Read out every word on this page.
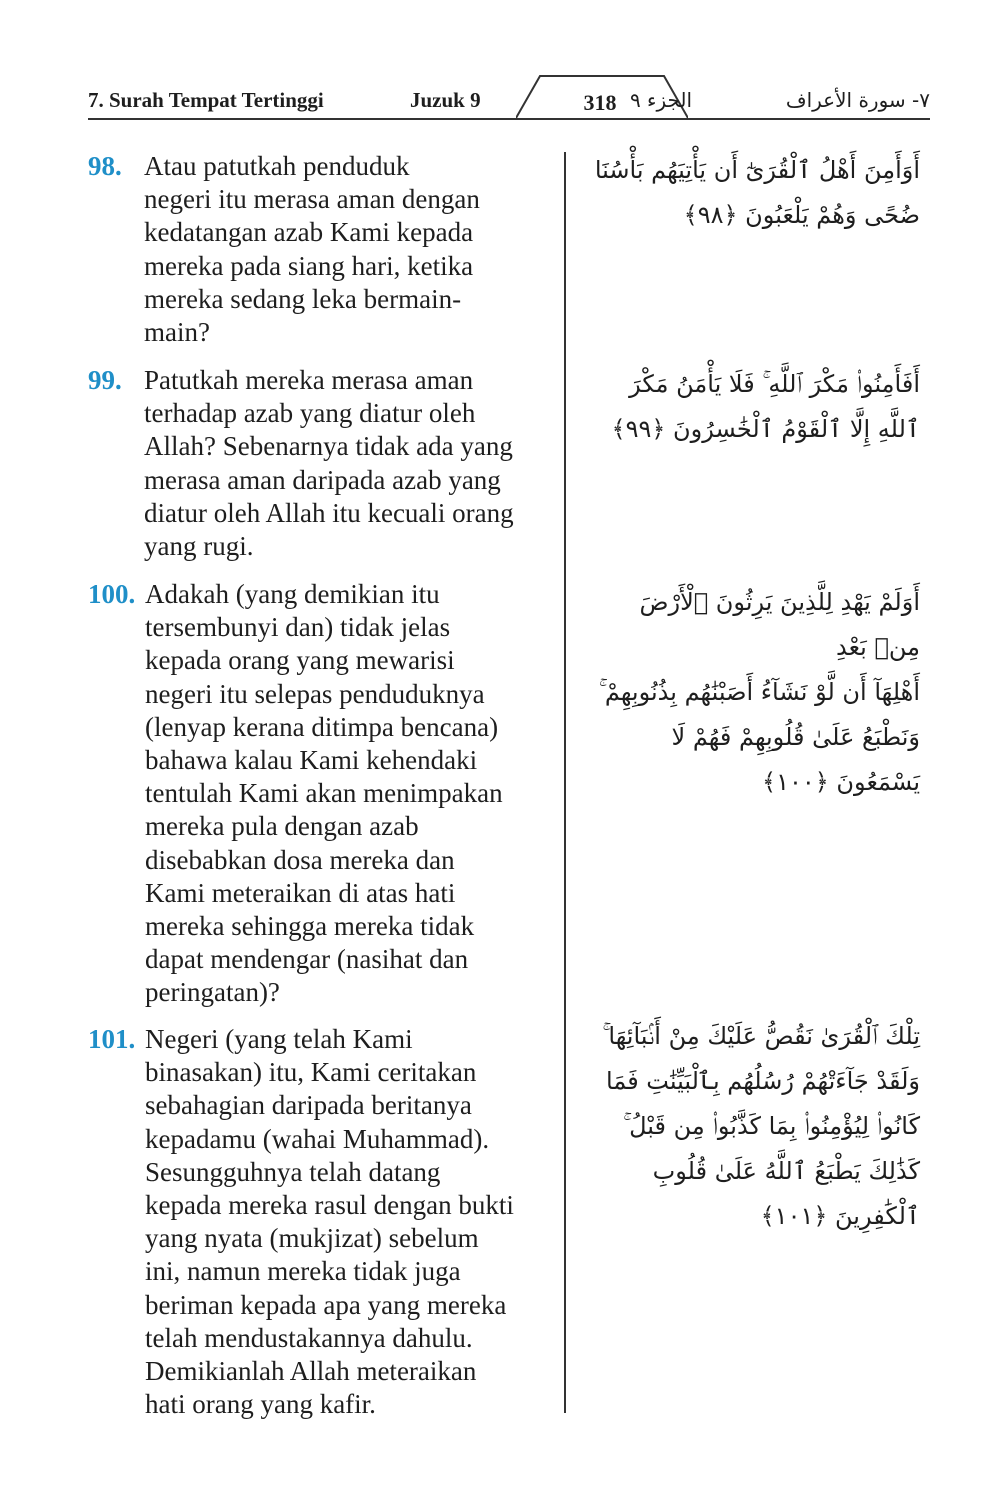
7. Surah Tempat Tertinggi	Juzuk 9	318 الجزء ٩	٧- سورة الأعراف
98. Atau patutkah penduduk
negeri itu merasa aman dengan
kedatangan azab Kami kepada
mereka pada siang hari, ketika
mereka sedang leka bermain-
main?
أَوَأَمِنَ أَهْلُ ٱلْقُرَىٰٓ أَن يَأْتِيَهُم بَأْسُنَا
ضُحًى وَهُمْ يَلْعَبُونَ ﴿٩٨﴾
99. Patutkah mereka merasa aman
terhadap azab yang diatur oleh
Allah? Sebenarnya tidak ada yang
merasa aman daripada azab yang
diatur oleh Allah itu kecuali orang
yang rugi.
أَفَأَمِنُوا۟ مَكْرَ ٱللَّهِ ۚ فَلَا يَأْمَنُ مَكْرَ
ٱللَّهِ إِلَّا ٱلْقَوْمُ ٱلْخَٰسِرُونَ ﴿٩٩﴾
100. Adakah (yang demikian itu
tersembunyi dan) tidak jelas
kepada orang yang mewarisi
negeri itu selepas penduduknya
(lenyap kerana ditimpa bencana)
bahawa kalau Kami kehendaki
tentulah Kami akan menimpakan
mereka pula dengan azab
disebabkan dosa mereka dan
Kami meteraikan di atas hati
mereka sehingga mereka tidak
dapat mendengar (nasihat dan
peringatan)?
أَوَلَمْ يَهْدِ لِلَّذِينَ يَرِثُونَ ٱلْأَرْضَ مِنۢ بَعْدِ
أَهْلِهَآ أَن لَّوْ نَشَآءُ أَصَبْنَٰهُم بِذُنُوبِهِمْ ۚ
وَنَطْبَعُ عَلَىٰ قُلُوبِهِمْ فَهُمْ لَا يَسْمَعُونَ ﴿١٠٠﴾
101. Negeri (yang telah Kami
binasakan) itu, Kami ceritakan
sebahagian daripada beritanya
kepadamu (wahai Muhammad).
Sesungguhnya telah datang
kepada mereka rasul dengan bukti
yang nyata (mukjizat) sebelum
ini, namun mereka tidak juga
beriman kepada apa yang mereka
telah mendustakannya dahulu.
Demikianlah Allah meteraikan
hati orang yang kafir.
تِلْكَ ٱلْقُرَىٰ نَقُصُّ عَلَيْكَ مِنْ أَنۢبَآئِهَا ۚ
وَلَقَدْ جَآءَتْهُمْ رُسُلُهُم بِٱلْبَيِّنَٰتِ فَمَا
كَانُوا۟ لِيُؤْمِنُوا۟ بِمَا كَذَّبُوا۟ مِن قَبْلُ ۚ
كَذَٰلِكَ يَطْبَعُ ٱللَّهُ عَلَىٰ قُلُوبِ ٱلْكَٰفِرِينَ ﴿١٠١﴾
